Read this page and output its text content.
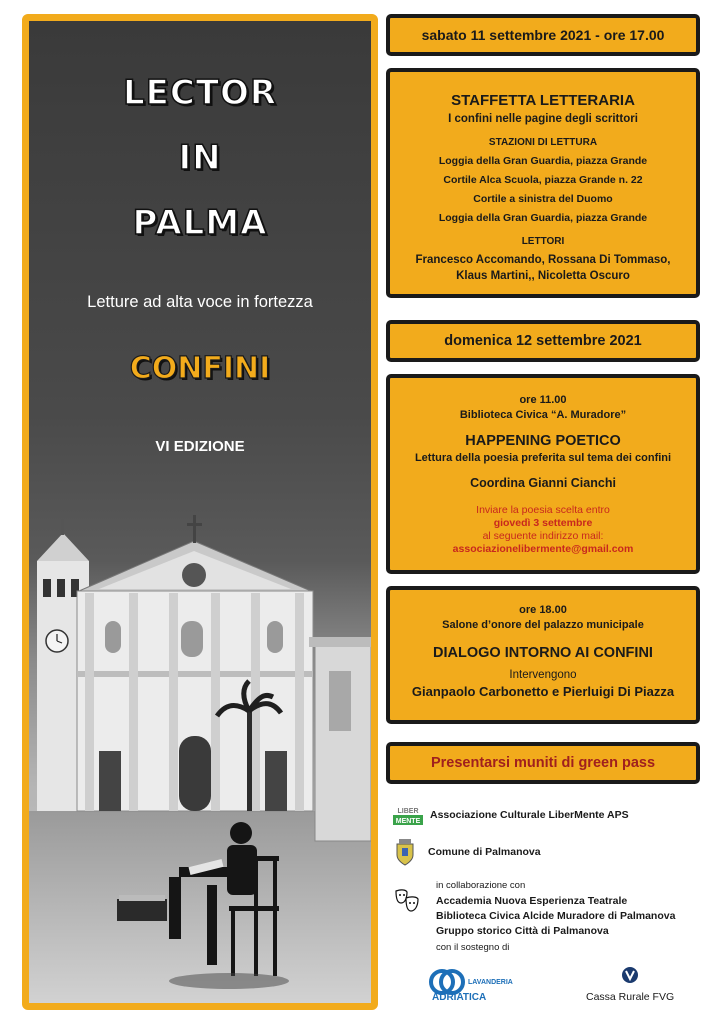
LECTOR
IN
PALMA
Letture ad alta voce in fortezza
CONFINI
VI EDIZIONE
sabato 11 settembre 2021 - ore 17.00
STAFFETTA LETTERARIA
I confini nelle pagine degli scrittori
STAZIONI DI LETTURA
Loggia della Gran Guardia, piazza Grande
Cortile Alca Scuola, piazza Grande n. 22
Cortile a sinistra del Duomo
Loggia della Gran Guardia, piazza Grande
LETTORI
Francesco Accomando, Rossana Di Tommaso,
Klaus Martini,, Nicoletta Oscuro
domenica 12 settembre 2021
ore 11.00
Biblioteca Civica “A. Muradore”
HAPPENING POETICO
Lettura della poesia preferita sul tema dei confini
Coordina Gianni Cianchi
Inviare la poesia scelta entro
giovedì 3 settembre
al seguente indirizzo mail:
associazionelibermente@gmail.com
ore 18.00
Salone d’onore del palazzo municipale
DIALOGO INTORNO AI CONFINI
Intervengono
Gianpaolo Carbonetto e Pierluigi Di Piazza
Presentarsi muniti di green pass
LIBER
MENTE
Associazione Culturale LiberMente APS
Comune di Palmanova
in collaborazione con
Accademia Nuova Esperienza Teatrale
Biblioteca Civica Alcide Muradore di Palmanova
Gruppo storico Città di Palmanova
con il sostegno di
LAVANDERIA
ADRIATICA	Cassa Rurale FVG
